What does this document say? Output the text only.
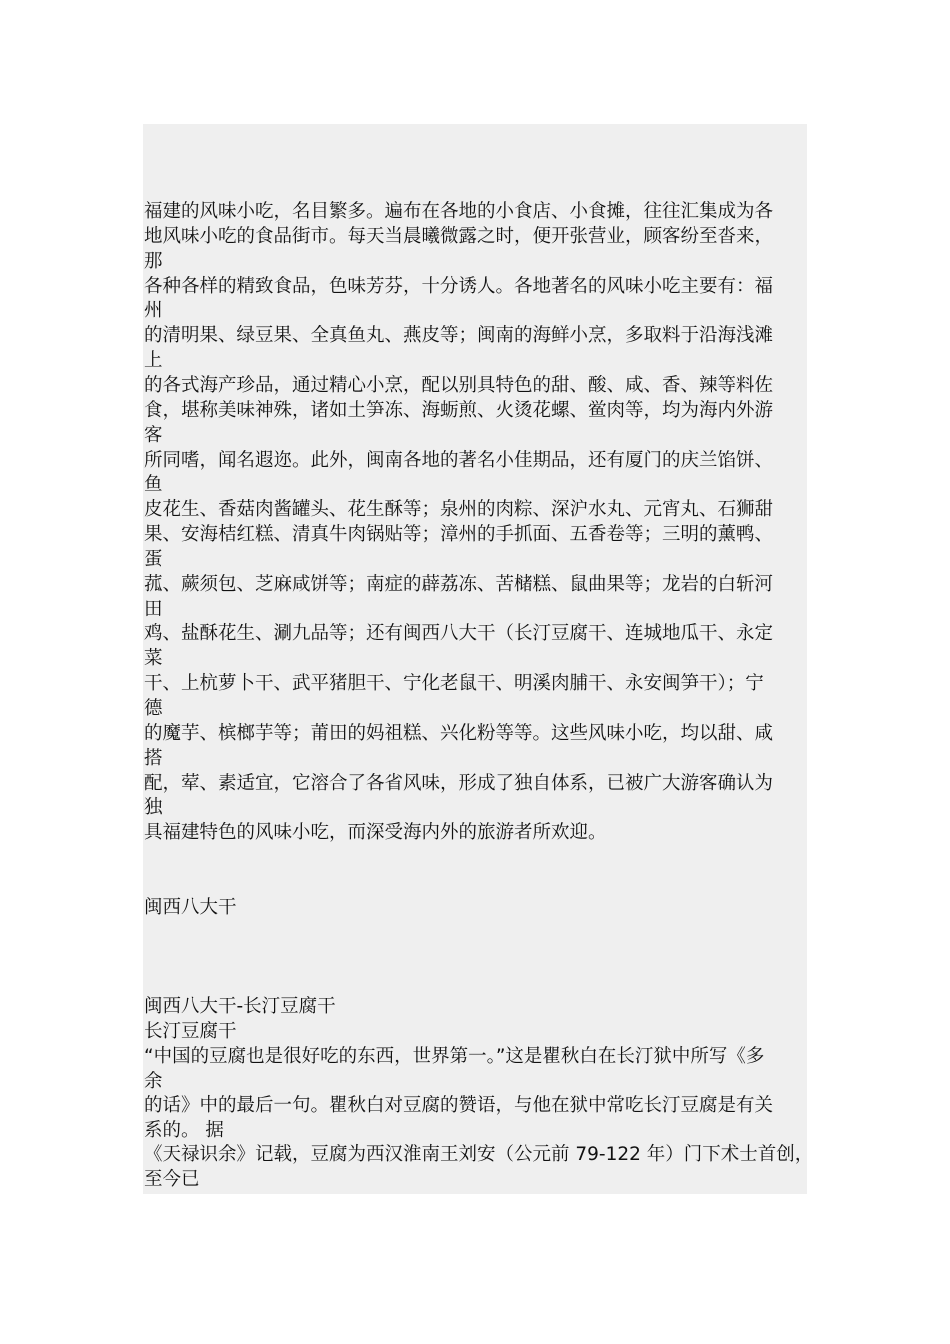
福建的风味小吃，名目繁多。遍布在各地的小食店、小食摊，往往汇集成为各
地风味小吃的食品街市。每天当晨曦微露之时，便开张营业，顾客纷至沓来，
那
各种各样的精致食品，色味芳芬，十分诱人。各地著名的风味小吃主要有：福
州
的清明果、绿豆果、全真鱼丸、燕皮等；闽南的海鲜小烹，多取料于沿海浅滩
上
的各式海产珍品，通过精心小烹，配以别具特色的甜、酸、咸、香、辣等料佐
食，堪称美味神殊，诸如土笋冻、海蛎煎、火烫花螺、鲎肉等，均为海内外游
客
所同嗜，闻名遐迩。此外，闽南各地的著名小佳期品，还有厦门的庆兰馅饼、
鱼
皮花生、香菇肉酱罐头、花生酥等；泉州的肉粽、深沪水丸、元宵丸、石狮甜
果、安海桔红糕、清真牛肉锅贴等；漳州的手抓面、五香卷等；三明的薰鸭、
蛋
菰、蕨须包、芝麻咸饼等；南症的薜荔冻、苦槠糕、鼠曲果等；龙岩的白斩河
田
鸡、盐酥花生、涮九品等；还有闽西八大干（长汀豆腐干、连城地瓜干、永定
菜
干、上杭萝卜干、武平猪胆干、宁化老鼠干、明溪肉脯干、永安闽笋干）；宁
德
的魔芋、槟榔芋等；莆田的妈祖糕、兴化粉等等。这些风味小吃，均以甜、咸
搭
配，荤、素适宜，它溶合了各省风味，形成了独自体系，已被广大游客确认为
独
具福建特色的风味小吃，而深受海内外的旅游者所欢迎。
闽西八大干
闽西八大干-长汀豆腐干
长汀豆腐干
“中国的豆腐也是很好吃的东西，世界第一。”这是瞿秋白在长汀狱中所写《多
余
的话》中的最后一句。瞿秋白对豆腐的赞语，与他在狱中常吃长汀豆腐是有关
系的。 据
《天禄识余》记载，豆腐为西汉淮南王刘安（公元前 79-122 年）门下术士首创，
至今已
